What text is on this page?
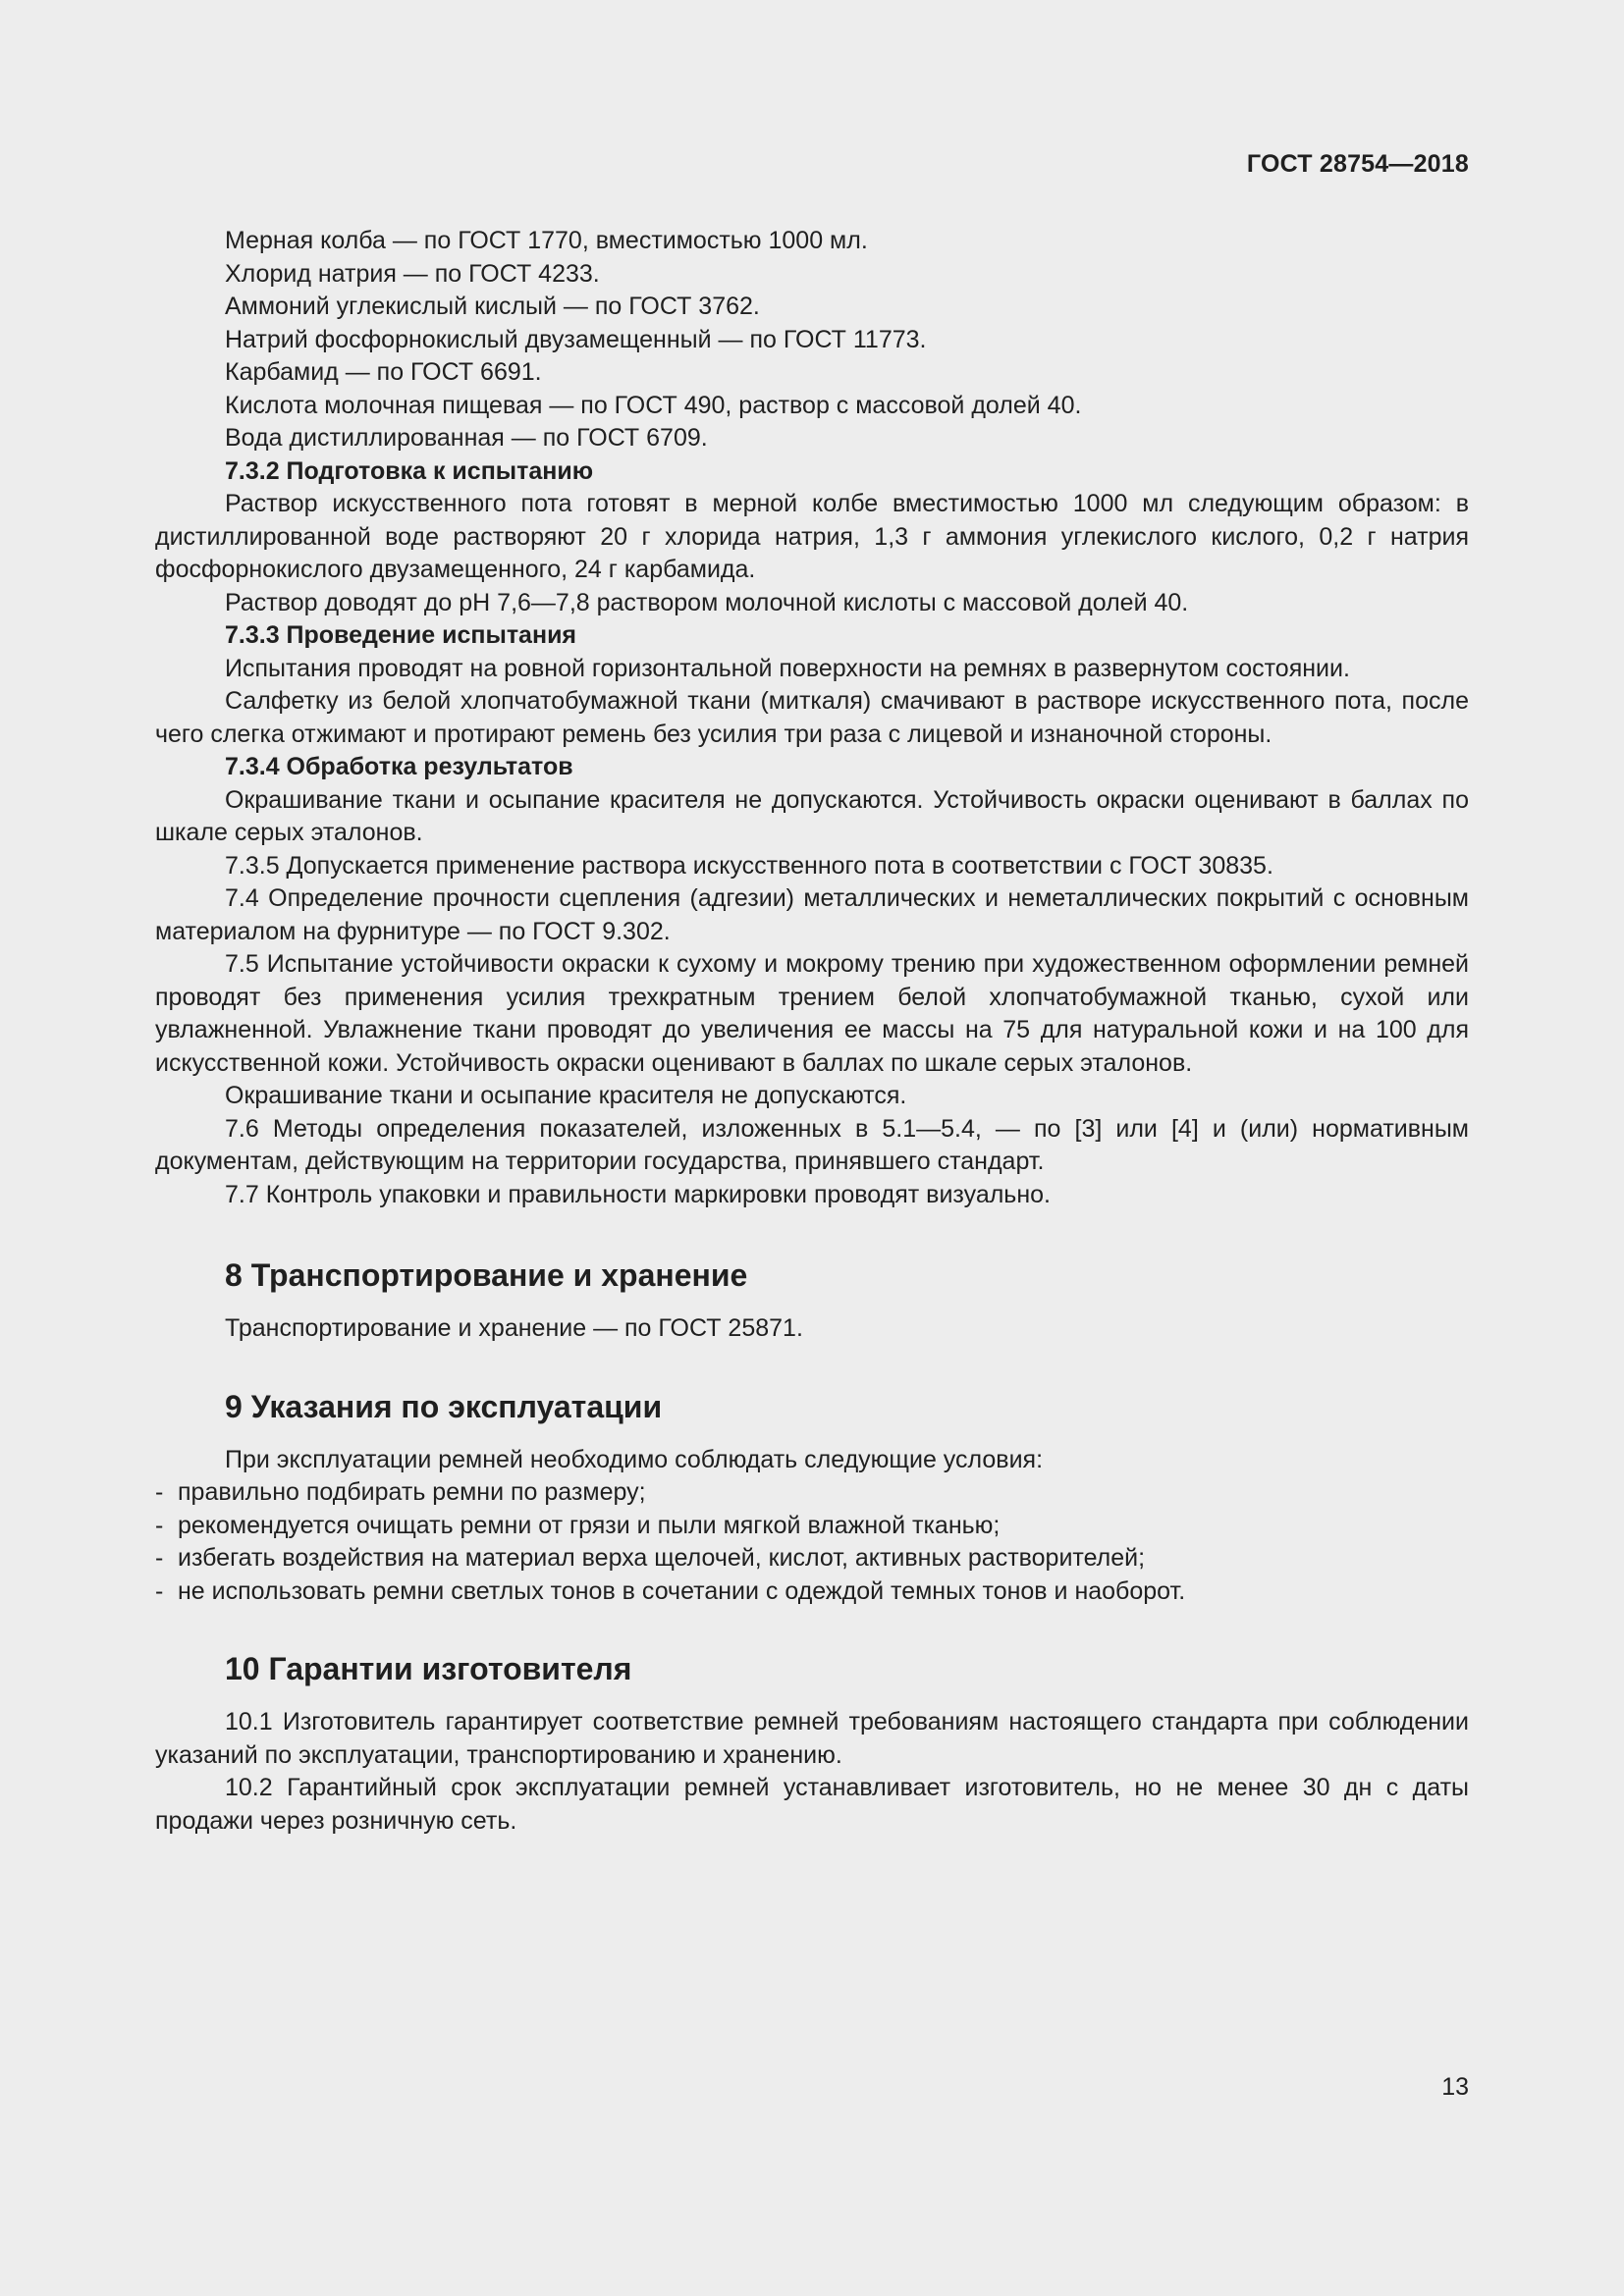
ГОСТ 28754—2018

Мерная колба — по ГОСТ 1770, вместимостью 1000 мл.

Хлорид натрия — по ГОСТ 4233.

Аммоний углекислый кислый — по ГОСТ 3762.

Натрий фосфорнокислый двузамещенный — по ГОСТ 11773.

Карбамид — по ГОСТ 6691.

Кислота молочная пищевая — по ГОСТ 490, раствор с массовой долей 40.

Вода дистиллированная — по ГОСТ 6709.

7.3.2 Подготовка к испытанию

Раствор искусственного пота готовят в мерной колбе вместимостью 1000 мл следующим образом: в дистиллированной воде растворяют 20 г хлорида натрия, 1,3 г аммония углекислого кислого, 0,2 г натрия фосфорнокислого двузамещенного, 24 г карбамида.

Раствор доводят до рН 7,6—7,8 раствором молочной кислоты с массовой долей 40.

7.3.3 Проведение испытания

Испытания проводят на ровной горизонтальной поверхности на ремнях в развернутом состоянии.

Салфетку из белой хлопчатобумажной ткани (миткаля) смачивают в растворе искусственного пота, после чего слегка отжимают и протирают ремень без усилия три раза с лицевой и изнаночной стороны.

7.3.4 Обработка результатов

Окрашивание ткани и осыпание красителя не допускаются. Устойчивость окраски оценивают в баллах по шкале серых эталонов.

7.3.5 Допускается применение раствора искусственного пота в соответствии с ГОСТ 30835.

7.4 Определение прочности сцепления (адгезии) металлических и неметаллических покрытий с основным материалом на фурнитуре — по ГОСТ 9.302.

7.5 Испытание устойчивости окраски к сухому и мокрому трению при художественном оформлении ремней проводят без применения усилия трехкратным трением белой хлопчатобумажной тканью, сухой или увлажненной. Увлажнение ткани проводят до увеличения ее массы на 75 для натуральной кожи и на 100 для искусственной кожи. Устойчивость окраски оценивают в баллах по шкале серых эталонов.

Окрашивание ткани и осыпание красителя не допускаются.

7.6 Методы определения показателей, изложенных в 5.1—5.4, — по [3] или [4] и (или) нормативным документам, действующим на территории государства, принявшего стандарт.

7.7 Контроль упаковки и правильности маркировки проводят визуально.

8 Транспортирование и хранение

Транспортирование и хранение — по ГОСТ 25871.

9 Указания по эксплуатации

При эксплуатации ремней необходимо соблюдать следующие условия:

- правильно подбирать ремни по размеру;

- рекомендуется очищать ремни от грязи и пыли мягкой влажной тканью;

- избегать воздействия на материал верха щелочей, кислот, активных растворителей;

- не использовать ремни светлых тонов в сочетании с одеждой темных тонов и наоборот.

10 Гарантии изготовителя

10.1 Изготовитель гарантирует соответствие ремней требованиям настоящего стандарта при соблюдении указаний по эксплуатации, транспортированию и хранению.

10.2 Гарантийный срок эксплуатации ремней устанавливает изготовитель, но не менее 30 дн с даты продажи через розничную сеть.

13
